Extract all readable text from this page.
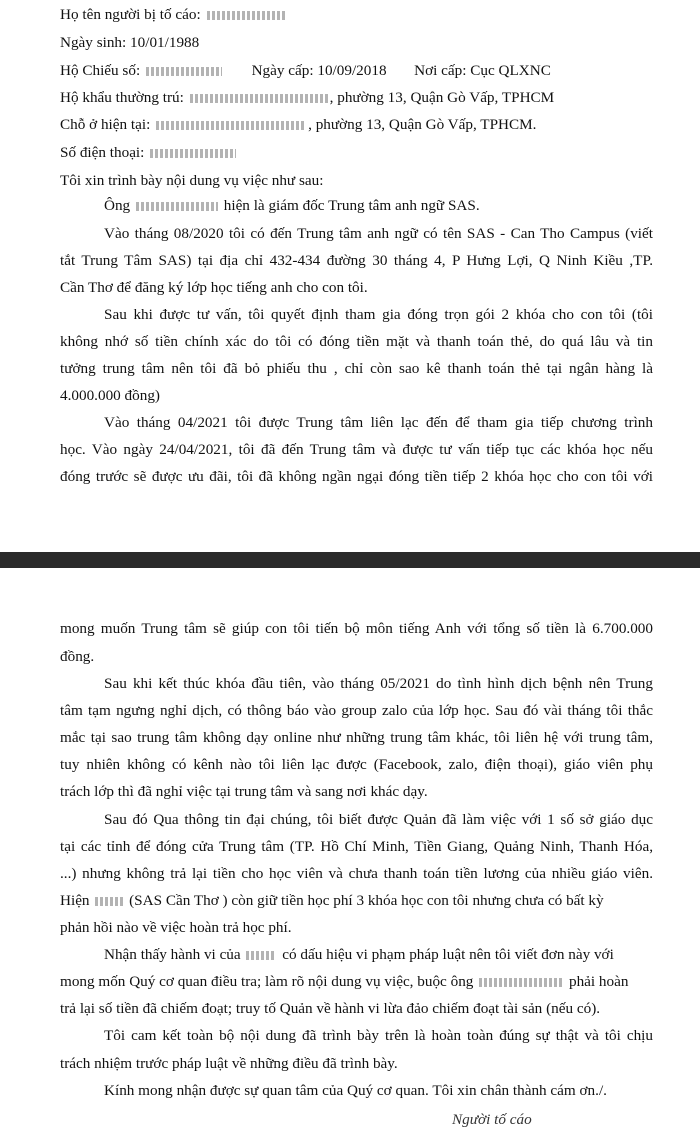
Họ tên người bị tố cáo:
Ngày sinh: 10/01/1988
Hộ Chiếu số:	Ngày cấp: 10/09/2018 Nơi cấp: Cục QLXNC
Hộ khẩu thường trú:	, phường 13, Quận Gò Vấp, TPHCM
Chỗ ở hiện tại:	, phường 13, Quận Gò Vấp, TPHCM.
Số điện thoại:
Tôi xin trình bày nội dung vụ việc như sau:
Ông	hiện là giám đốc Trung tâm anh ngữ SAS.
Vào tháng 08/2020 tôi có đến Trung tâm anh ngữ có tên SAS - Can Tho Campus (viết
tắt Trung Tâm SAS) tại địa chỉ 432-434 đường 30 tháng 4, P Hưng Lợi, Q Ninh Kiều ,TP.
Cần Thơ để đăng ký lớp học tiếng anh cho con tôi.
Sau khi được tư vấn, tôi quyết định tham gia đóng trọn gói 2 khóa cho con tôi (tôi
không nhớ số tiền chính xác do tôi có đóng tiền mặt và thanh toán thẻ, do quá lâu và tin
tưởng trung tâm nên tôi đã bỏ phiếu thu , chỉ còn sao kê thanh toán thẻ tại ngân hàng là
4.000.000 đồng)
Vào tháng 04/2021 tôi được Trung tâm liên lạc đến để tham gia tiếp chương trình
học. Vào ngày 24/04/2021, tôi đã đến Trung tâm và được tư vấn tiếp tục các khóa học nếu
đóng trước sẽ được ưu đãi, tôi đã không ngần ngại đóng tiền tiếp 2 khóa học cho con tôi với
mong muốn Trung tâm sẽ giúp con tôi tiến bộ môn tiếng Anh với tổng số tiền là 6.700.000
đồng.
Sau khi kết thúc khóa đầu tiên, vào tháng 05/2021 do tình hình dịch bệnh nên Trung
tâm tạm ngưng nghỉ dịch, có thông báo vào group zalo của lớp học. Sau đó vài tháng tôi thắc
mắc tại sao trung tâm không dạy online như những trung tâm khác, tôi liên hệ với trung tâm,
tuy nhiên không có kênh nào tôi liên lạc được (Facebook, zalo, điện thoại), giáo viên phụ
trách lớp thì đã nghỉ việc tại trung tâm và sang nơi khác dạy.
Sau đó Qua thông tin đại chúng, tôi biết được Quản đã làm việc với 1 số sở giáo dục
tại các tỉnh để đóng cửa Trung tâm (TP. Hồ Chí Minh, Tiền Giang, Quảng Ninh, Thanh Hóa,
...) nhưng không trả lại tiền cho học viên và chưa thanh toán tiền lương của nhiều giáo viên.
Hiện	(SAS Cần Thơ ) còn giữ tiền học phí 3 khóa học con tôi nhưng chưa có bất kỳ
phản hồi nào về việc hoàn trả học phí.
Nhận thấy hành vi của	có dấu hiệu vi phạm pháp luật nên tôi viết đơn này với
mong mốn Quý cơ quan điều tra; làm rõ nội dung vụ việc, buộc ông	phải hoàn
trả lại số tiền đã chiếm đoạt; truy tố Quản về hành vi lừa đảo chiếm đoạt tài sản (nếu có).
Tôi cam kết toàn bộ nội dung đã trình bày trên là hoàn toàn đúng sự thật và tôi chịu
trách nhiệm trước pháp luật về những điều đã trình bày.
Kính mong nhận được sự quan tâm của Quý cơ quan. Tôi xin chân thành cám ơn./.
Người tố cáo
